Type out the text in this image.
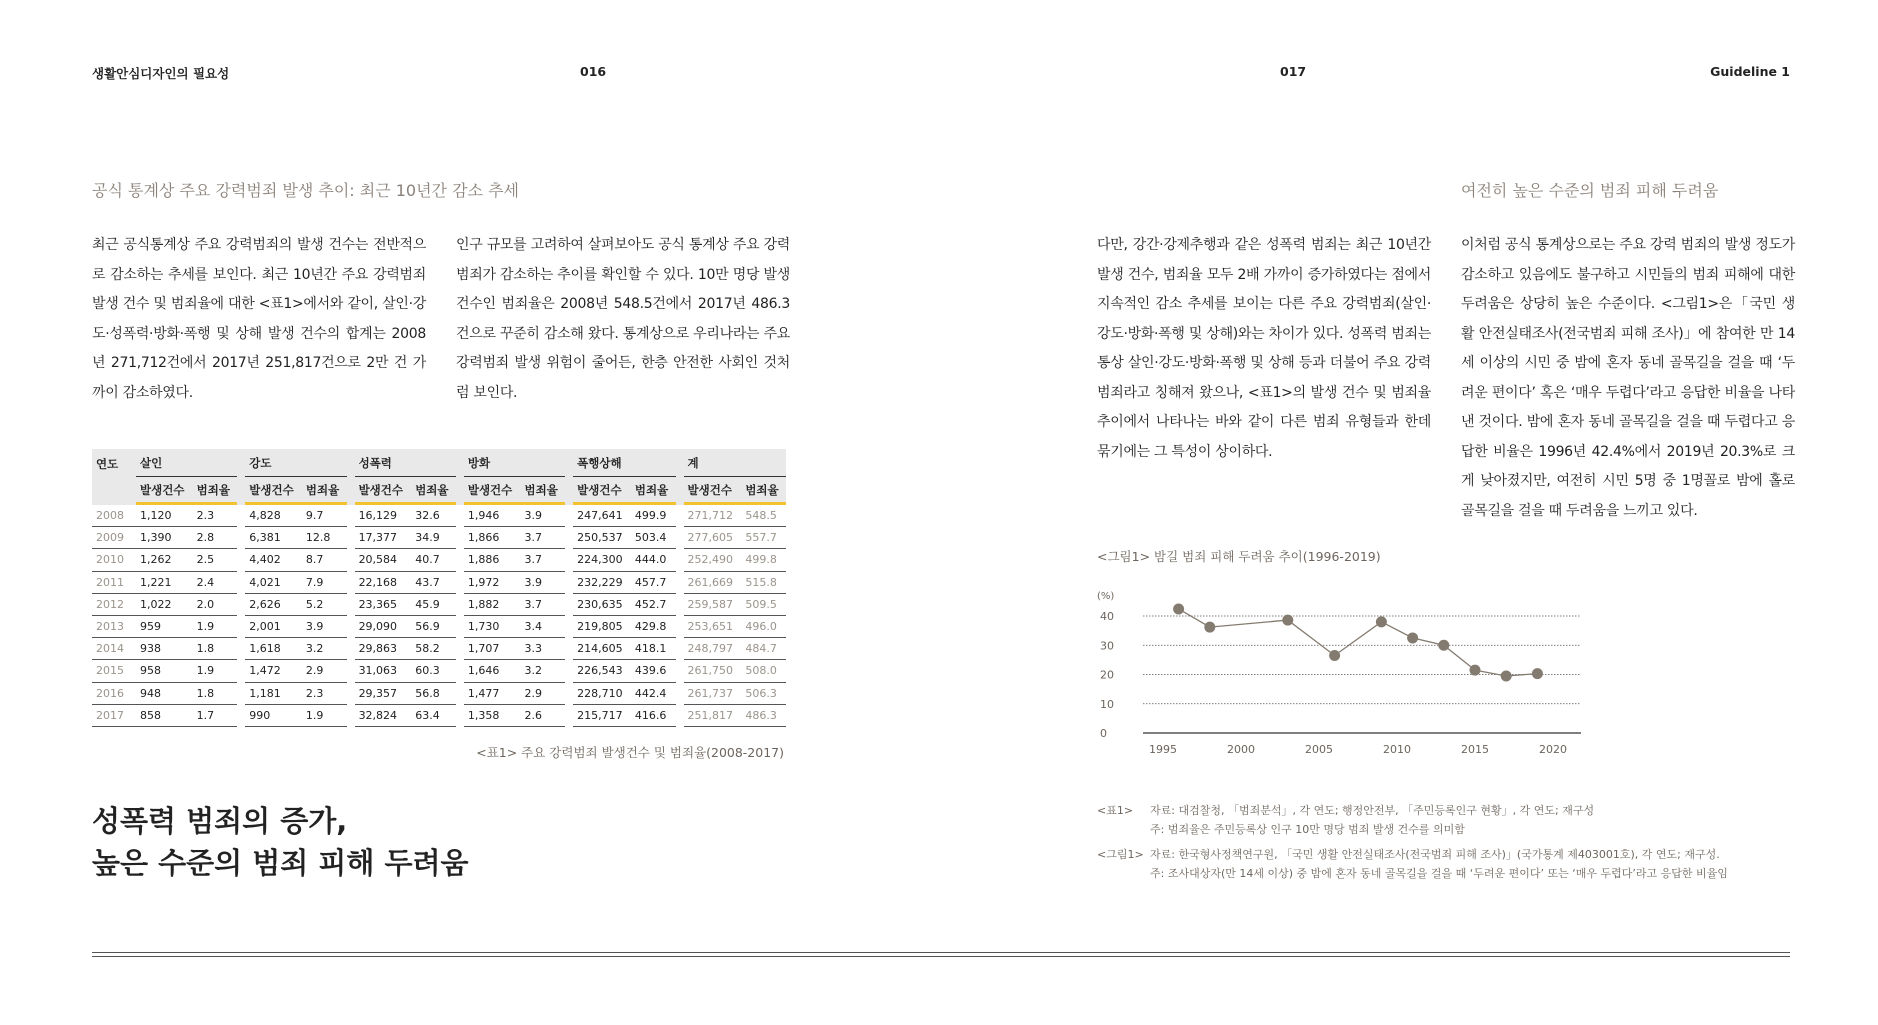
생활안심디자인의 필요성	016	017	Guideline 1
공식 통계상 주요 강력범죄 발생 추이: 최근 10년간 감소 추세
최근 공식통계상 주요 강력범죄의 발생 건수는 전반적으로 감소하는 추세를 보인다. 최근 10년간 주요 강력범죄 발생 건수 및 범죄율에 대한 <표1>에서와 같이, 살인·강도·성폭력·방화·폭행 및 상해 발생 건수의 합계는 2008년 271,712건에서 2017년 251,817건으로 2만 건 가까이 감소하였다.
인구 규모를 고려하여 살펴보아도 공식 통계상 주요 강력범죄가 감소하는 추이를 확인할 수 있다. 10만 명당 발생 건수인 범죄율은 2008년 548.5건에서 2017년 486.3건으로 꾸준히 감소해 왔다. 통계상으로 우리나라는 주요 강력범죄 발생 위험이 줄어든, 한층 안전한 사회인 것처럼 보인다.
연도	살인			강도			성폭력			방화			폭행상해			계	
	발생건수	범죄율		발생건수	범죄율		발생건수	범죄율		발생건수	범죄율		발생건수	범죄율		발생건수	범죄율
2008	1,120	2.3		4,828	9.7		16,129	32.6		1,946	3.9		247,641	499.9		271,712	548.5
2009	1,390	2.8		6,381	12.8		17,377	34.9		1,866	3.7		250,537	503.4		277,605	557.7
2010	1,262	2.5		4,402	8.7		20,584	40.7		1,886	3.7		224,300	444.0		252,490	499.8
2011	1,221	2.4		4,021	7.9		22,168	43.7		1,972	3.9		232,229	457.7		261,669	515.8
2012	1,022	2.0		2,626	5.2		23,365	45.9		1,882	3.7		230,635	452.7		259,587	509.5
2013	959	1.9		2,001	3.9		29,090	56.9		1,730	3.4		219,805	429.8		253,651	496.0
2014	938	1.8		1,618	3.2		29,863	58.2		1,707	3.3		214,605	418.1		248,797	484.7
2015	958	1.9		1,472	2.9		31,063	60.3		1,646	3.2		226,543	439.6		261,750	508.0
2016	948	1.8		1,181	2.3		29,357	56.8		1,477	2.9		228,710	442.4		261,737	506.3
2017	858	1.7		990	1.9		32,824	63.4		1,358	2.6		215,717	416.6		251,817	486.3
<표1> 주요 강력범죄 발생건수 및 범죄율(2008-2017)
성폭력 범죄의 증가,
높은 수준의 범죄 피해 두려움
여전히 높은 수준의 범죄 피해 두려움
다만, 강간·강제추행과 같은 성폭력 범죄는 최근 10년간 발생 건수, 범죄율 모두 2배 가까이 증가하였다는 점에서 지속적인 감소 추세를 보이는 다른 주요 강력범죄(살인·강도·방화·폭행 및 상해)와는 차이가 있다. 성폭력 범죄는 통상 살인·강도·방화·폭행 및 상해 등과 더불어 주요 강력범죄라고 칭해져 왔으나, <표1>의 발생 건수 및 범죄율 추이에서 나타나는 바와 같이 다른 범죄 유형들과 한데 묶기에는 그 특성이 상이하다.
이처럼 공식 통계상으로는 주요 강력 범죄의 발생 정도가 감소하고 있음에도 불구하고 시민들의 범죄 피해에 대한 두려움은 상당히 높은 수준이다. <그림1>은「국민 생활 안전실태조사(전국범죄 피해 조사)」에 참여한 만 14세 이상의 시민 중 밤에 혼자 동네 골목길을 걸을 때 ‘두려운 편이다’ 혹은 ‘매우 두렵다’라고 응답한 비율을 나타낸 것이다. 밤에 혼자 동네 골목길을 걸을 때 두렵다고 응답한 비율은 1996년 42.4%에서 2019년 20.3%로 크게 낮아졌지만, 여전히 시민 5명 중 1명꼴로 밤에 홀로 골목길을 걸을 때 두려움을 느끼고 있다.
<그림1> 밤길 범죄 피해 두려움 추이(1996-2019)
0
10
20
30
40
(%)
1995	2000	2005	2010	2015	2020
<표1> 자료: 대검찰청, 「범죄분석」, 각 연도; 행정안전부, 「주민등록인구 현황」, 각 연도; 재구성
주: 범죄율은 주민등록상 인구 10만 명당 범죄 발생 건수를 의미함
<그림1> 자료: 한국형사정책연구원, 「국민 생활 안전실태조사(전국범죄 피해 조사)」(국가통계 제403001호), 각 연도; 재구성.
주: 조사대상자(만 14세 이상) 중 밤에 혼자 동네 골목길을 걸을 때 ‘두려운 편이다’ 또는 ‘매우 두렵다’라고 응답한 비율임
